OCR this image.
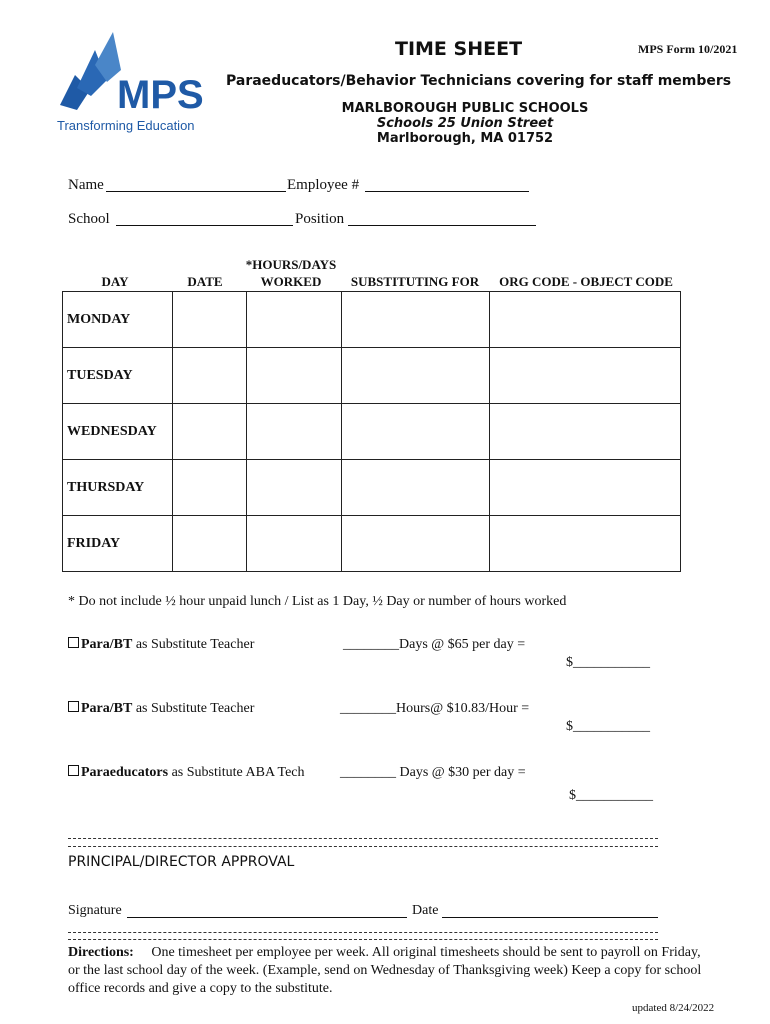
MPS
Transforming Education
TIME SHEET	MPS Form 10/2021
Paraeducators/Behavior Technicians covering for staff members
MARLBOROUGH PUBLIC SCHOOLS
Schools 25 Union Street
Marlborough, MA 01752
Name	Employee #
School	Position
DAY	DATE
*HOURS/DAYS
WORKED	SUBSTITUTING FOR	ORG CODE - OBJECT CODE
MONDAY				
TUESDAY				
WEDNESDAY				
THURSDAY				
FRIDAY				
* Do not include ½ hour unpaid lunch / List as 1 Day, ½ Day or number of hours worked
Para/BT as Substitute Teacher	________Days @ $65 per day =
$___________
Para/BT as Substitute Teacher	________Hours@ $10.83/Hour =
$___________
Paraeducators as Substitute ABA Tech	________ Days @ $30 per day =
$___________
PRINCIPAL/DIRECTOR APPROVAL
Signature	Date
Directions: One timesheet per employee per week. All original timesheets should be sent to payroll on Friday, or the last school day of the week. (Example, send on Wednesday of Thanksgiving week) Keep a copy for school office records and give a copy to the substitute.
updated 8/24/2022
